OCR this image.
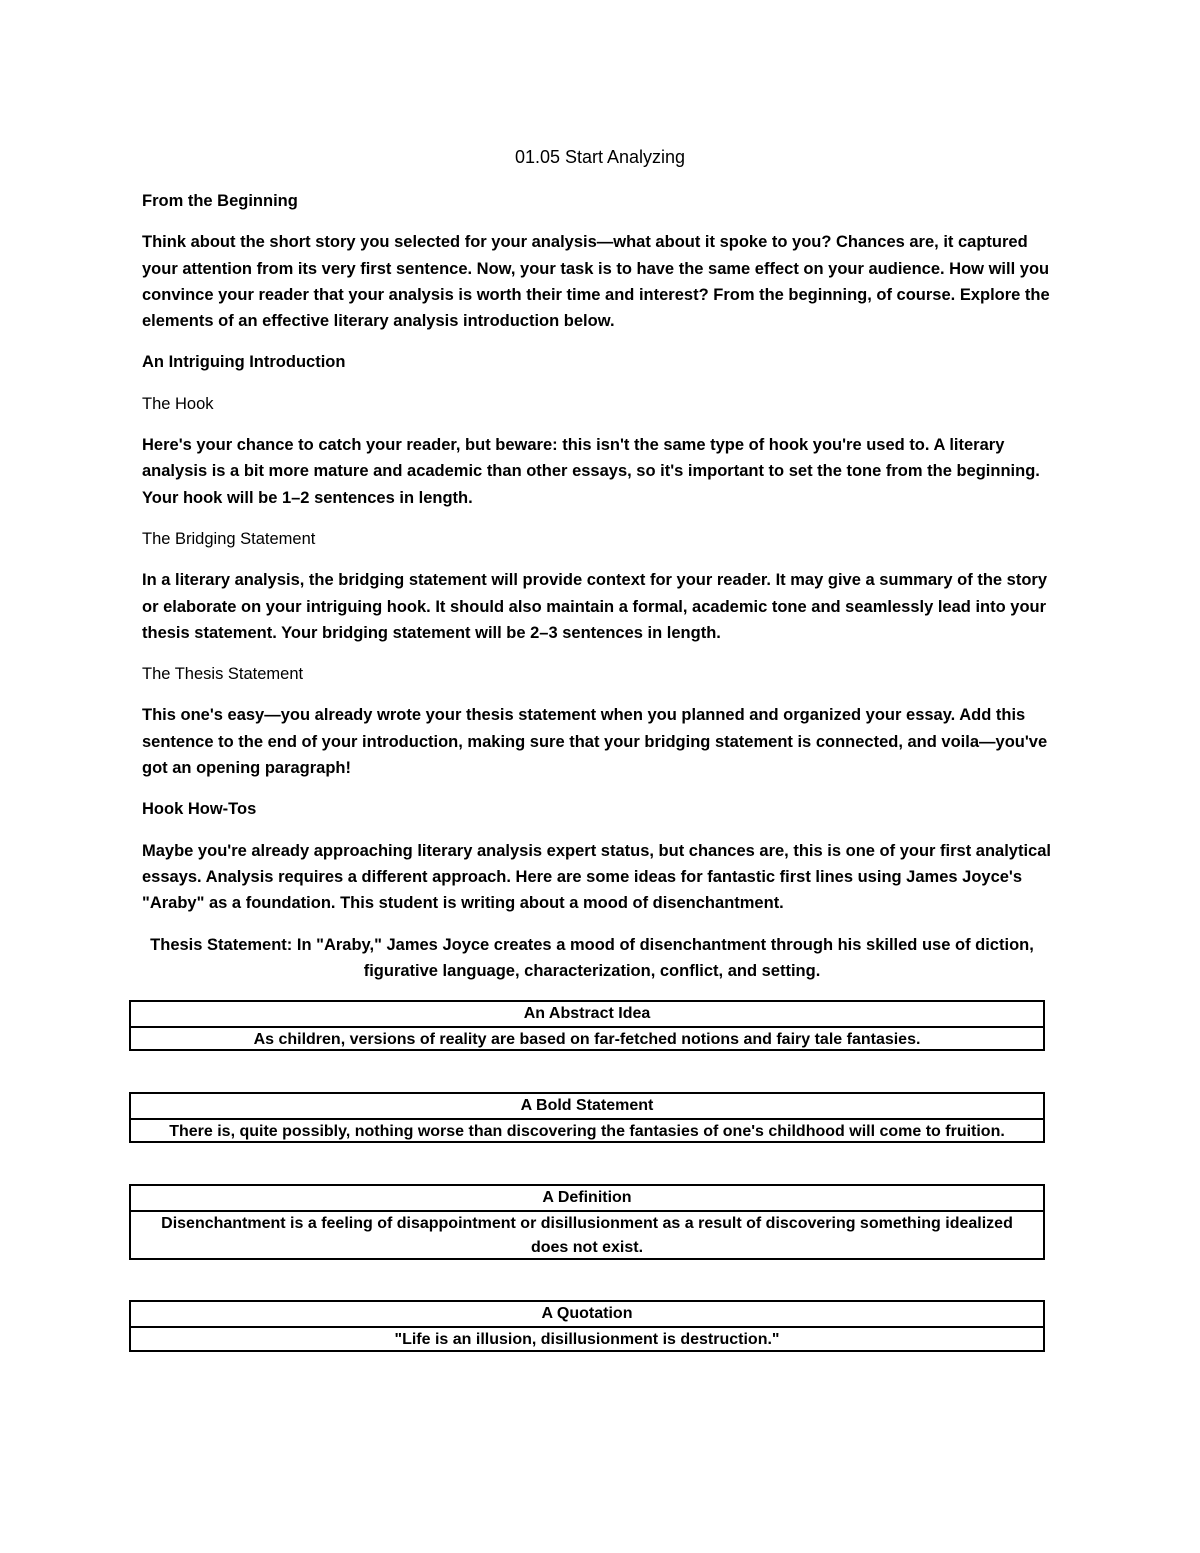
01.05 Start Analyzing

From the Beginning

Think about the short story you selected for your analysis—what about it spoke to you? Chances are, it captured your attention from its very first sentence. Now, your task is to have the same effect on your audience. How will you convince your reader that your analysis is worth their time and interest? From the beginning, of course. Explore the elements of an effective literary analysis introduction below.

An Intriguing Introduction

The Hook

Here's your chance to catch your reader, but beware: this isn't the same type of hook you're used to. A literary analysis is a bit more mature and academic than other essays, so it's important to set the tone from the beginning. Your hook will be 1–2 sentences in length.

The Bridging Statement

In a literary analysis, the bridging statement will provide context for your reader. It may give a summary of the story or elaborate on your intriguing hook. It should also maintain a formal, academic tone and seamlessly lead into your thesis statement. Your bridging statement will be 2–3 sentences in length.

The Thesis Statement

This one's easy—you already wrote your thesis statement when you planned and organized your essay. Add this sentence to the end of your introduction, making sure that your bridging statement is connected, and voila—you've got an opening paragraph!

Hook How-Tos

Maybe you're already approaching literary analysis expert status, but chances are, this is one of your first analytical essays. Analysis requires a different approach. Here are some ideas for fantastic first lines using James Joyce's "Araby" as a foundation. This student is writing about a mood of disenchantment.

Thesis Statement: In "Araby," James Joyce creates a mood of disenchantment through his skilled use of diction, figurative language, characterization, conflict, and setting.
An Abstract Idea
As children, versions of reality are based on far-fetched notions and fairy tale fantasies.
A Bold Statement
There is, quite possibly, nothing worse than discovering the fantasies of one's childhood will come to fruition.
A Definition
Disenchantment is a feeling of disappointment or disillusionment as a result of discovering something idealized does not exist.
A Quotation
"Life is an illusion, disillusionment is destruction."
